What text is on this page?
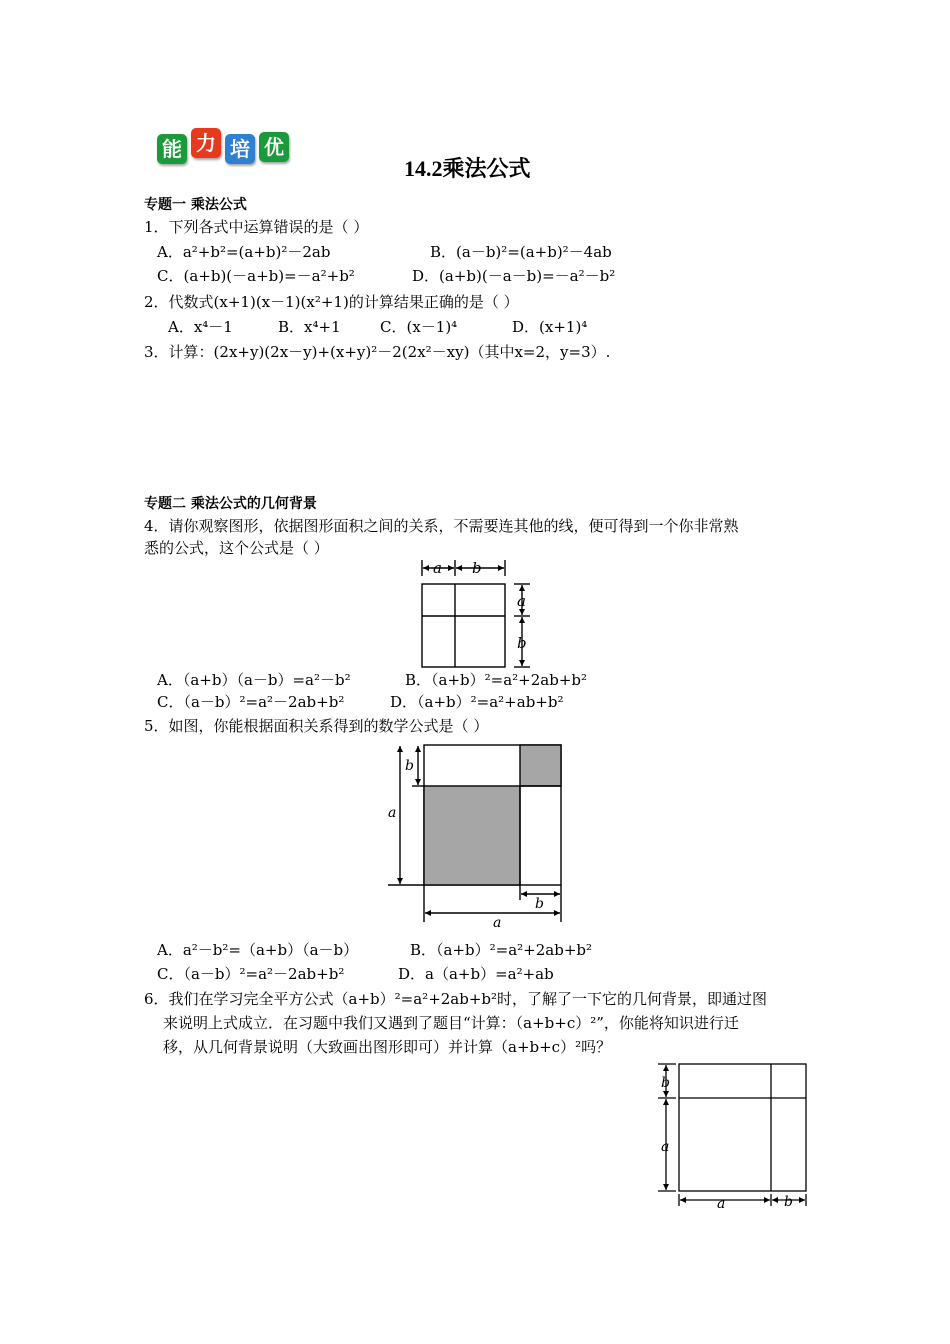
能 力 培 优
14.2乘法公式
专题一 乘法公式
1．下列各式中运算错误的是（ ）
A．a²+b²=(a+b)²－2ab	B．(a－b)²=(a+b)²－4ab
C．(a+b)(－a+b)=－a²+b²	D．(a+b)(－a－b)=－a²－b²
2．代数式(x+1)(x－1)(x²+1)的计算结果正确的是（ ）
A．x⁴－1	B．x⁴+1	C．(x－1)⁴	D．(x+1)⁴
3．计算：(2x+y)(2x－y)+(x+y)²－2(2x²－xy)（其中x=2，y=3）.
专题二 乘法公式的几何背景
4．请你观察图形，依据图形面积之间的关系，不需要连其他的线，便可得到一个你非常熟
悉的公式，这个公式是（ ）
a b
a
b
A．（a+b）（a－b）=a²－b²	B．（a+b）²=a²+2ab+b²
C．（a－b）²=a²－2ab+b²	D．（a+b）²=a²+ab+b²
5．如图，你能根据面积关系得到的数学公式是（ ）
b
a
b
a
A．a²－b²=（a+b）（a－b）	B．（a+b）²=a²+2ab+b²
C．（a－b）²=a²－2ab+b²	D．a（a+b）=a²+ab
6．我们在学习完全平方公式（a+b）²=a²+2ab+b²时，了解了一下它的几何背景，即通过图
来说明上式成立．在习题中我们又遇到了题目“计算：（a+b+c）²”，你能将知识进行迁
移，从几何背景说明（大致画出图形即可）并计算（a+b+c）²吗？
b
a
a	b
